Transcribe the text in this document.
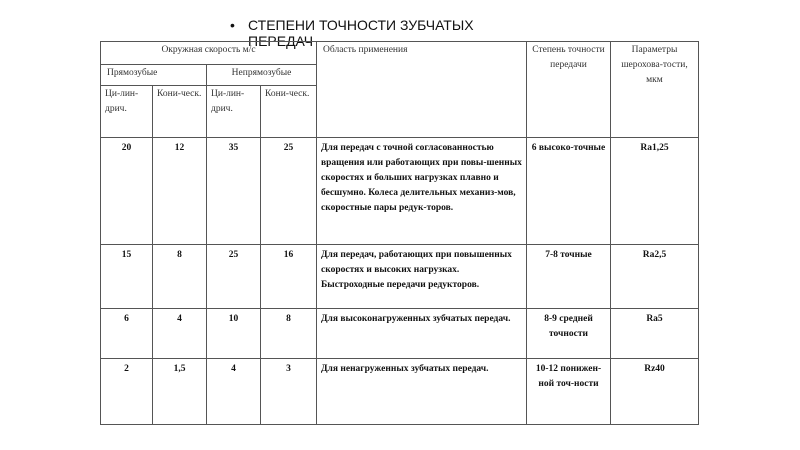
• СТЕПЕНИ ТОЧНОСТИ ЗУБЧАТЫХ ПЕРЕДАЧ
Окружная скорость м/с				Область применения	Степень точности передачи	Параметры шерохова-тости, мкм
Прямозубые		Непрямозубые				
Ци-лин-дрич.	Кони-ческ.	Ци-лин-дрич.	Кони-ческ.			
20	12	35	25	Для передач с точной согласованностью вращения или работающих при повы-шенных скоростях и больших нагрузках плавно и бесшумно. Колеса делительных механиз-мов, скоростные пары редук-торов.	6 высоко-точные	Ra1,25
15	8	25	16	Для передач, работающих при повышенных скоростях и высоких нагрузках. Быстроходные передачи редукторов.	7-8 точные	Ra2,5
6	4	10	8	Для высоконагруженных зубчатых передач.	8-9 средней точности	Ra5
2	1,5	4	3	Для ненагруженных зубчатых передач.	10-12 понижен-ной точ-ности	Rz40
